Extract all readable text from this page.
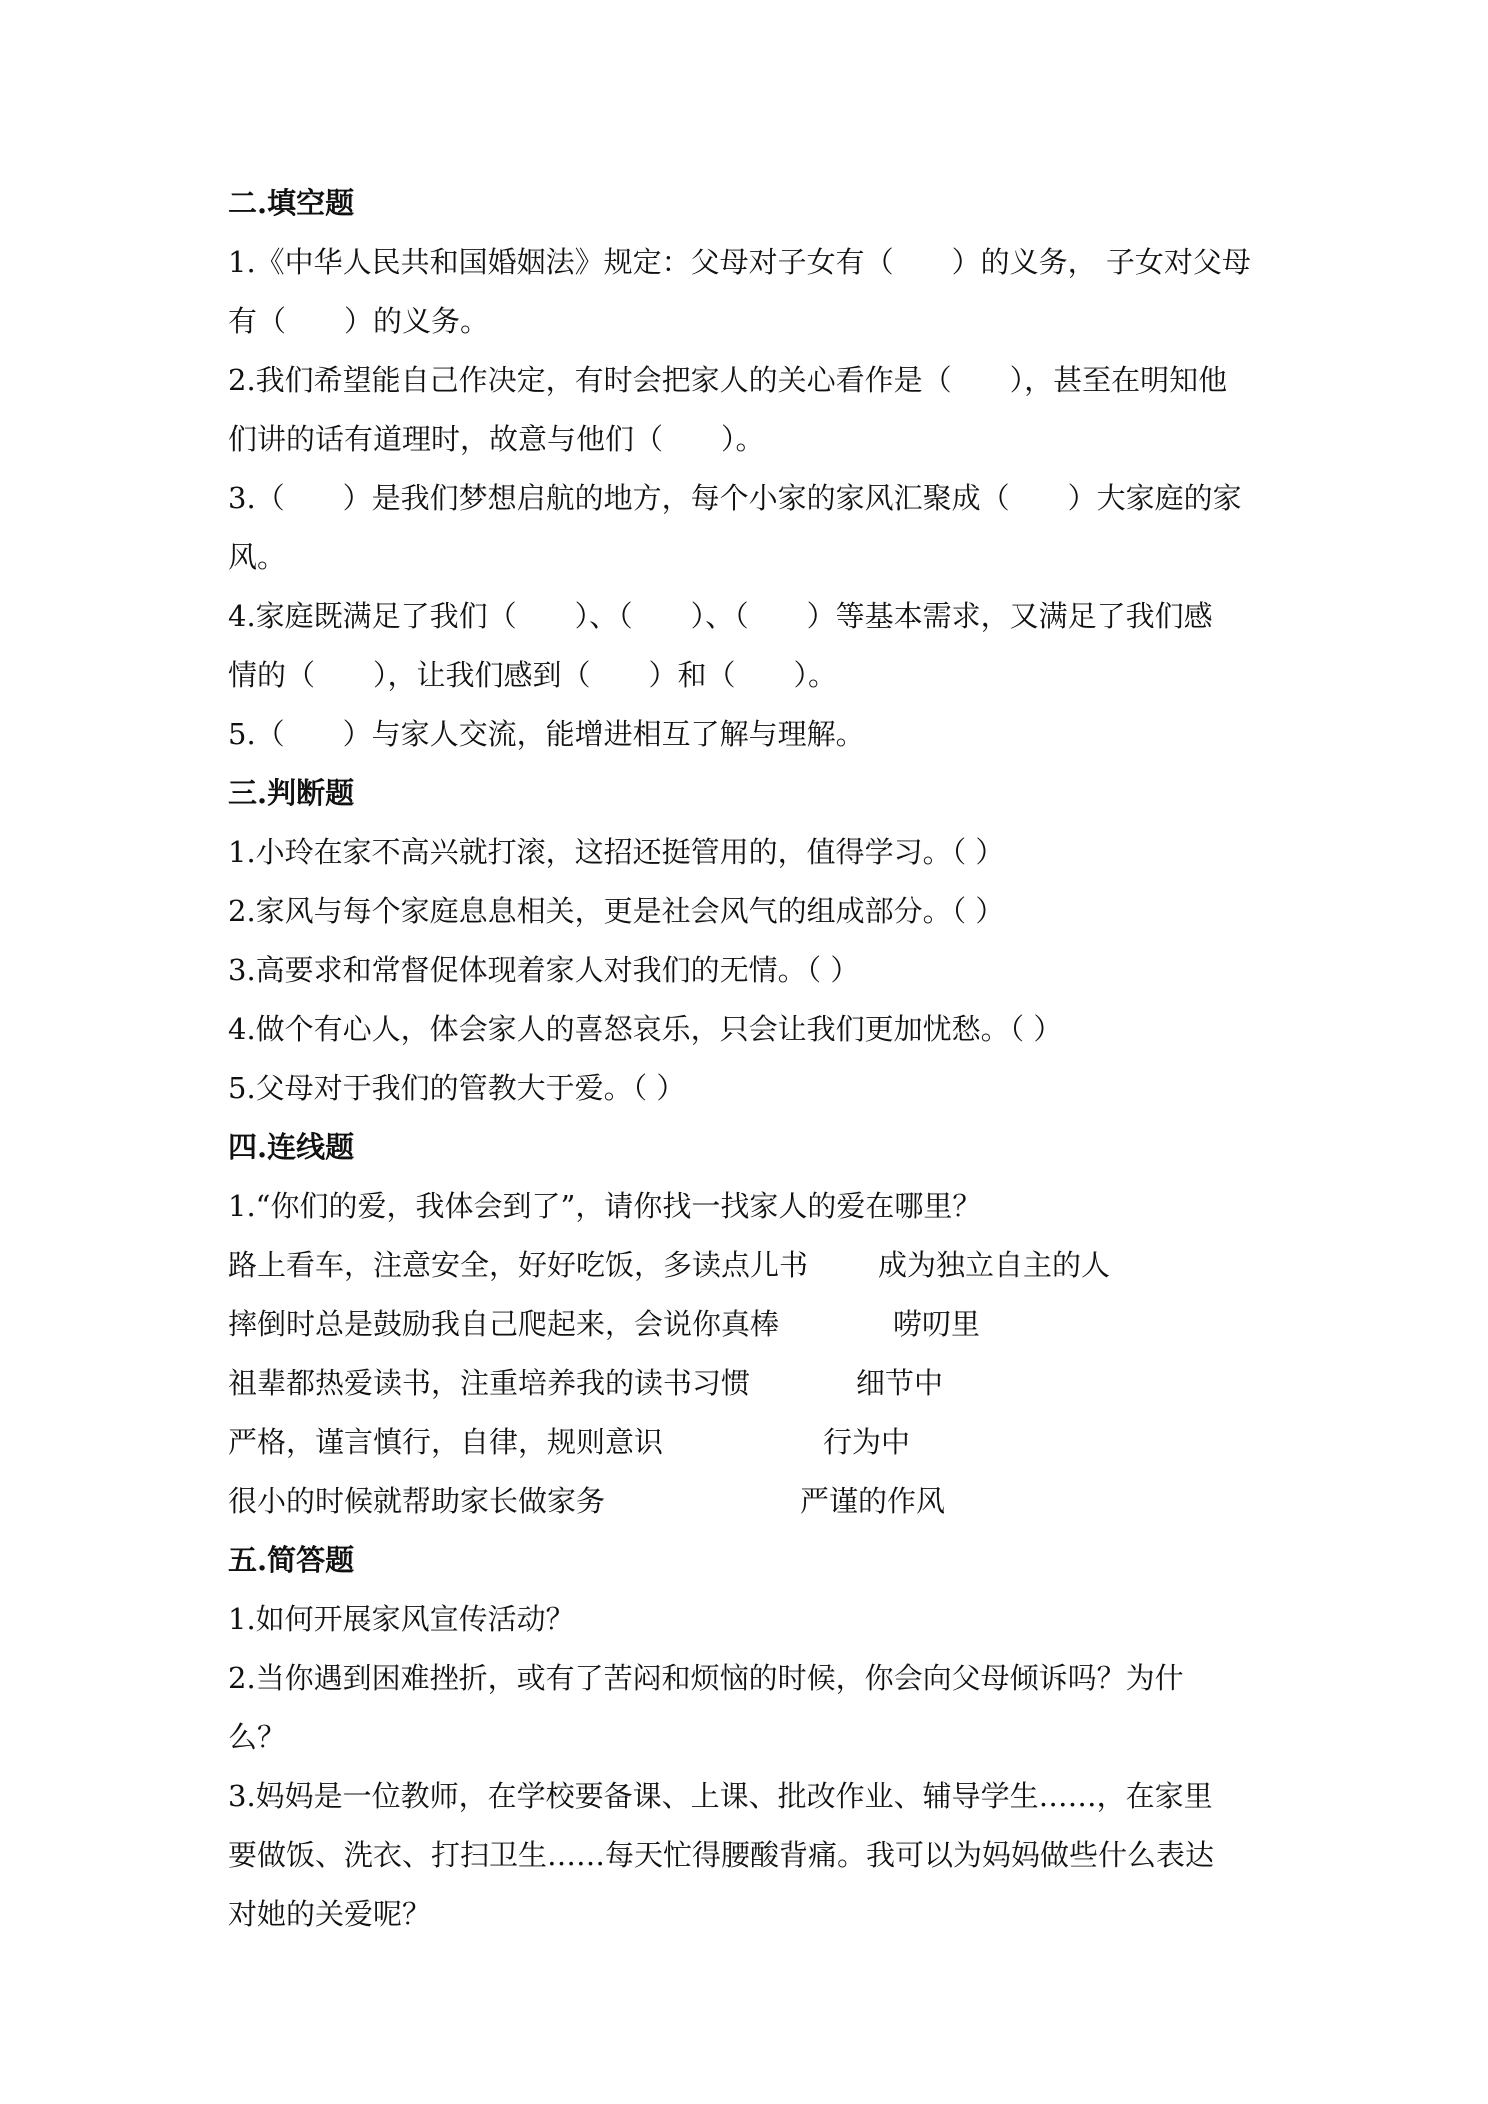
二.填空题
1.《中华人民共和国婚姻法》规定：父母对子女有（　　）的义务， 子女对父母
有（　　）的义务。
2.我们希望能自己作决定，有时会把家人的关心看作是（　　），甚至在明知他
们讲的话有道理时，故意与他们（　　）。
3.（　　）是我们梦想启航的地方，每个小家的家风汇聚成（　　）大家庭的家
风。
4.家庭既满足了我们（　　）、（　　）、（　　）等基本需求，又满足了我们感
情的（　　），让我们感到（　　）和（　　）。
5.（　　）与家人交流，能增进相互了解与理解。
三.判断题
1.小玲在家不高兴就打滚，这招还挺管用的，值得学习。（ ）
2.家风与每个家庭息息相关，更是社会风气的组成部分。（ ）
3.高要求和常督促体现着家人对我们的无情。（ ）
4.做个有心人，体会家人的喜怒哀乐，只会让我们更加忧愁。（ ）
5.父母对于我们的管教大于爱。（ ）
四.连线题
1.“你们的爱，我体会到了”，请你找一找家人的爱在哪里？
路上看车，注意安全，好好吃饭，多读点儿书 成为独立自主的人
摔倒时总是鼓励我自己爬起来，会说你真棒	唠叨里
祖辈都热爱读书，注重培养我的读书习惯	细节中
严格，谨言慎行，自律，规则意识	行为中
很小的时候就帮助家长做家务	严谨的作风
五.简答题
1.如何开展家风宣传活动？
2.当你遇到困难挫折，或有了苦闷和烦恼的时候，你会向父母倾诉吗？为什
么？
3.妈妈是一位教师，在学校要备课、上课、批改作业、辅导学生……，在家里
要做饭、洗衣、打扫卫生……每天忙得腰酸背痛。我可以为妈妈做些什么表达
对她的关爱呢？
